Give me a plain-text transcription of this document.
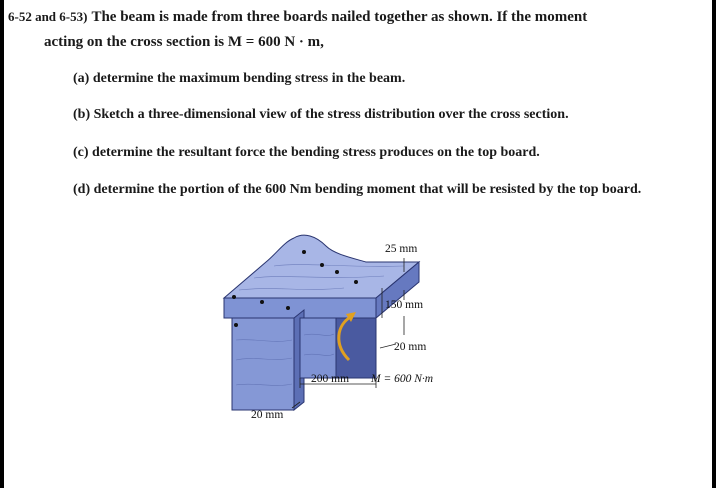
6-52 and 6-53) The beam is made from three boards nailed together as shown. If the moment
acting on the cross section is M = 600 N · m,
(a) determine the maximum bending stress in the beam.
(b) Sketch a three-dimensional view of the stress distribution over the cross section.
(c) determine the resultant force the bending stress produces on the top board.
(d) determine the portion of the 600 Nm bending moment that will be resisted by the top board.
25 mm
150 mm
20 mm
200 mm M = 600 N·m
20 mm
